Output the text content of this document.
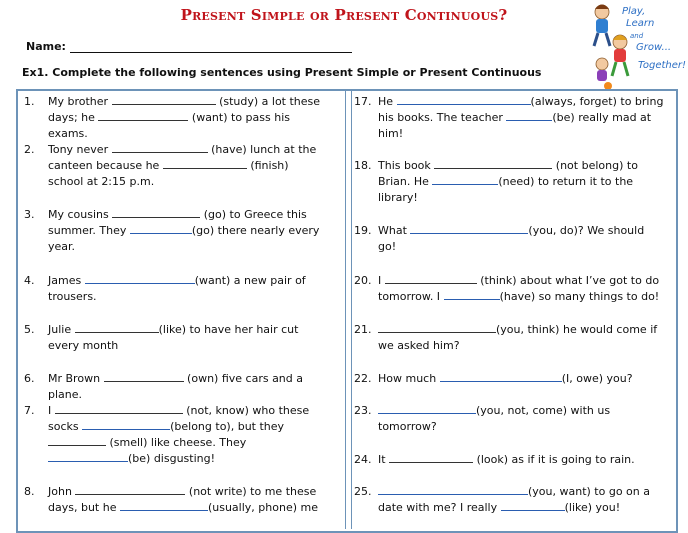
Present Simple or Present Continuous?
Name:
Ex1. Complete the following sentences using Present Simple or Present Continuous
Play,
Learn
and
Grow...
Together!
1. My brother	(study) a lot these days; he	(want) to pass his exams.
2. Tony never	(have) lunch at the canteen because he	(finish) school at 2:15 p.m.
3. My cousins	(go) to Greece this summer. They	(go) there nearly every year.
4. James	(want) a new pair of trousers.
5. Julie	(like) to have her hair cut every month
6. Mr Brown	(own) five cars and a plane.
7. I	(not, know) who these socks	(belong to), but they  (smell) like cheese. They (be) disgusting!
8. John	(not write) to me these days, but he	(usually, phone) me
17. He	(always, forget) to bring his books. The teacher	(be) really mad at him!
18. This book	(not belong) to Brian. He	(need) to return it to the library!
19. What	(you, do)? We should go!
20. I	(think) about what I’ve got to do tomorrow. I	(have) so many things to do!
21.	(you, think) he would come if we asked him?
22. How much	(I, owe) you?
23.	(you, not, come) with us tomorrow?
24. It	(look) as if it is going to rain.
25.	(you, want) to go on a date with me? I really	(like) you!
